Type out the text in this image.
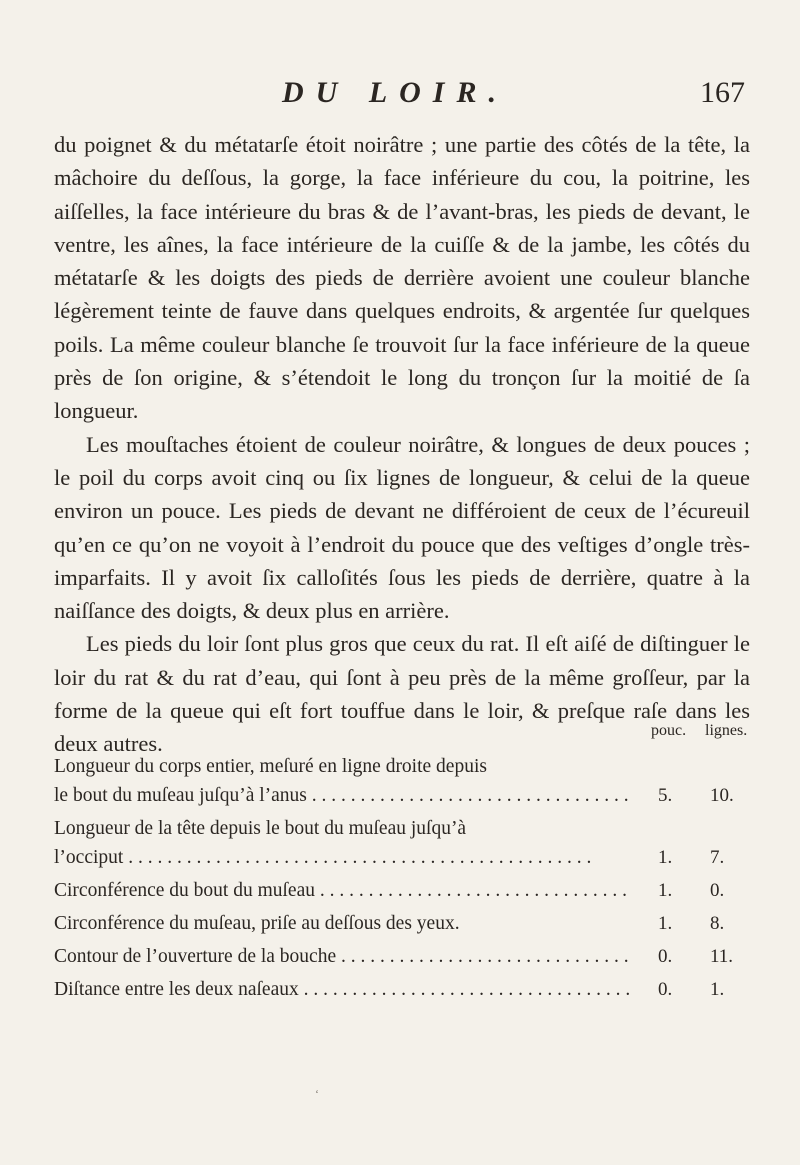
DU LOIR.	167

du poignet & du métatarſe étoit noirâtre ; une partie des côtés de la tête, la mâchoire du deſſous, la gorge, la face inférieure du cou, la poitrine, les aiſſelles, la face intérieure du bras & de l’avant-bras, les pieds de devant, le ventre, les aînes, la face intérieure de la cuiſſe & de la jambe, les côtés du métatarſe & les doigts des pieds de derrière avoient une couleur blanche légèrement teinte de fauve dans quelques endroits, & argentée ſur quelques poils. La même couleur blanche ſe trouvoit ſur la face inférieure de la queue près de ſon origine, & s’étendoit le long du tronçon ſur la moitié de ſa longueur.

Les mouſtaches étoient de couleur noirâtre, & longues de deux pouces ; le poil du corps avoit cinq ou ſix lignes de longueur, & celui de la queue environ un pouce. Les pieds de devant ne différoient de ceux de l’écureuil qu’en ce qu’on ne voyoit à l’endroit du pouce que des veſtiges d’ongle très-imparfaits. Il y avoit ſix calloſités ſous les pieds de derrière, quatre à la naiſſance des doigts, & deux plus en arrière.

Les pieds du loir ſont plus gros que ceux du rat. Il eſt aiſé de diſtinguer le loir du rat & du rat d’eau, qui ſont à peu près de la même groſſeur, par la forme de la queue qui eſt fort touffue dans le loir, & preſque raſe dans les deux autres.

pouc. lignes.
Longueur du corps entier, meſuré en ligne droite depuis
le bout du muſeau juſqu’à l’anus . . .	5. 10.
Longueur de la tête depuis le bout du muſeau juſqu’à
l’occiput . . .	1. 7.
Circonférence du bout du muſeau . . .	1. 0.
Circonférence du muſeau, priſe au deſſous des yeux.	1. 8.
Contour de l’ouverture de la bouche . . .	0. 11.
Diſtance entre les deux naſeaux . . .	0. 1.
‘
